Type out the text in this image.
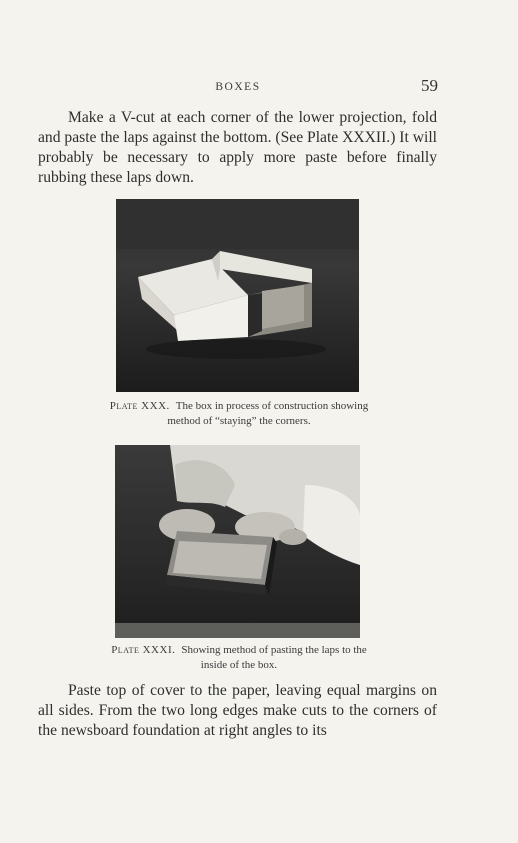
BOXES	59

Make a V-cut at each corner of the lower projection, fold and paste the laps against the bottom. (See Plate XXXII.) It will probably be necessary to apply more paste before finally rubbing these laps down.

Plate XXX. The box in process of construction showing method of “staying” the corners.

Plate XXXI. Showing method of pasting the laps to the inside of the box.

Paste top of cover to the paper, leaving equal margins on all sides. From the two long edges make cuts to the corners of the newsboard foundation at right angles to its
